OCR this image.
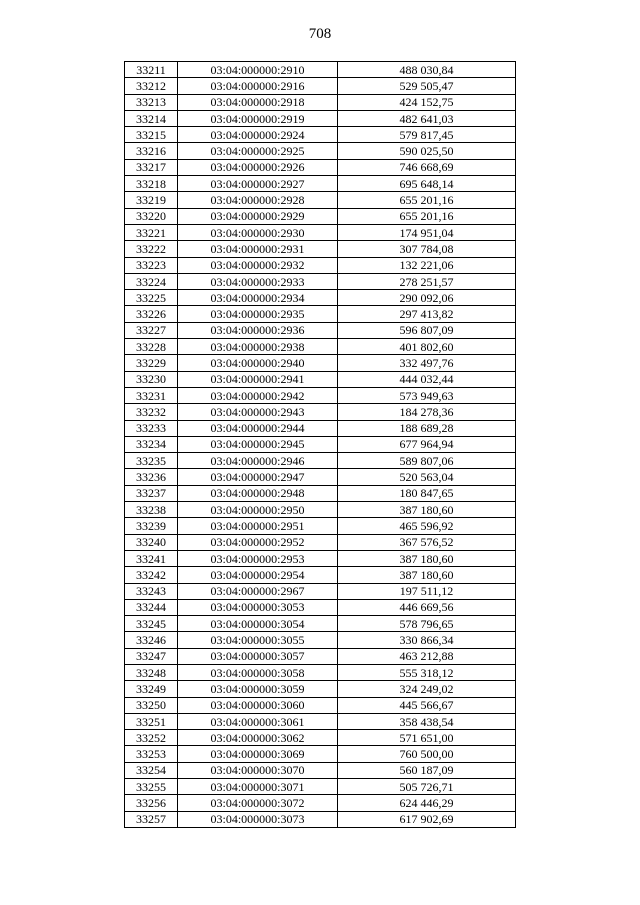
708
33211	03:04:000000:2910	488 030,84
33212	03:04:000000:2916	529 505,47
33213	03:04:000000:2918	424 152,75
33214	03:04:000000:2919	482 641,03
33215	03:04:000000:2924	579 817,45
33216	03:04:000000:2925	590 025,50
33217	03:04:000000:2926	746 668,69
33218	03:04:000000:2927	695 648,14
33219	03:04:000000:2928	655 201,16
33220	03:04:000000:2929	655 201,16
33221	03:04:000000:2930	174 951,04
33222	03:04:000000:2931	307 784,08
33223	03:04:000000:2932	132 221,06
33224	03:04:000000:2933	278 251,57
33225	03:04:000000:2934	290 092,06
33226	03:04:000000:2935	297 413,82
33227	03:04:000000:2936	596 807,09
33228	03:04:000000:2938	401 802,60
33229	03:04:000000:2940	332 497,76
33230	03:04:000000:2941	444 032,44
33231	03:04:000000:2942	573 949,63
33232	03:04:000000:2943	184 278,36
33233	03:04:000000:2944	188 689,28
33234	03:04:000000:2945	677 964,94
33235	03:04:000000:2946	589 807,06
33236	03:04:000000:2947	520 563,04
33237	03:04:000000:2948	180 847,65
33238	03:04:000000:2950	387 180,60
33239	03:04:000000:2951	465 596,92
33240	03:04:000000:2952	367 576,52
33241	03:04:000000:2953	387 180,60
33242	03:04:000000:2954	387 180,60
33243	03:04:000000:2967	197 511,12
33244	03:04:000000:3053	446 669,56
33245	03:04:000000:3054	578 796,65
33246	03:04:000000:3055	330 866,34
33247	03:04:000000:3057	463 212,88
33248	03:04:000000:3058	555 318,12
33249	03:04:000000:3059	324 249,02
33250	03:04:000000:3060	445 566,67
33251	03:04:000000:3061	358 438,54
33252	03:04:000000:3062	571 651,00
33253	03:04:000000:3069	760 500,00
33254	03:04:000000:3070	560 187,09
33255	03:04:000000:3071	505 726,71
33256	03:04:000000:3072	624 446,29
33257	03:04:000000:3073	617 902,69
